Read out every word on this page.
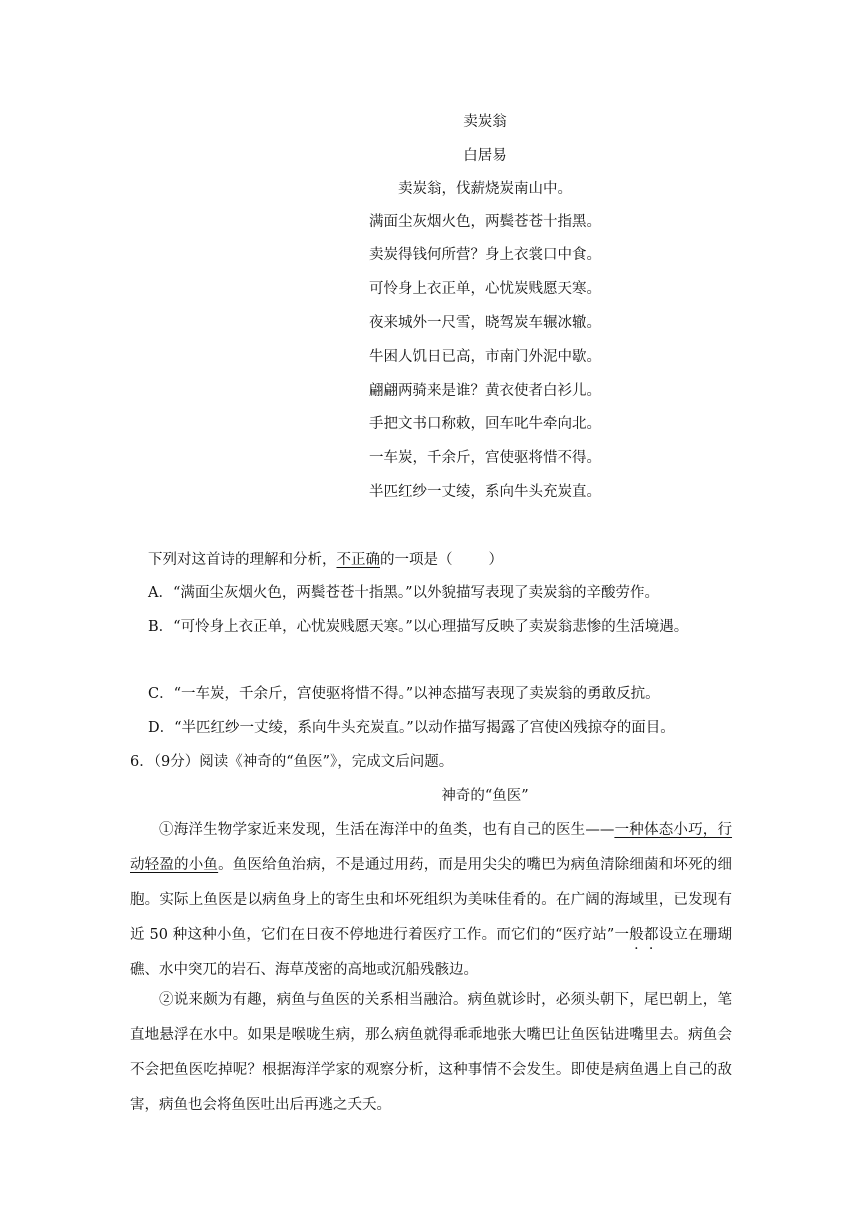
卖炭翁
白居易
卖炭翁，伐薪烧炭南山中。
满面尘灰烟火色，两鬓苍苍十指黑。
卖炭得钱何所营？身上衣裳口中食。
可怜身上衣正单，心忧炭贱愿天寒。
夜来城外一尺雪，晓驾炭车辗冰辙。
牛困人饥日已高，市南门外泥中歇。
翩翩两骑来是谁？黄衣使者白衫儿。
手把文书口称敕，回车叱牛牵向北。
一车炭，千余斤，宫使驱将惜不得。
半匹红纱一丈绫，系向牛头充炭直。
下列对这首诗的理解和分析，不正确的一项是（ ）
A．“满面尘灰烟火色，两鬓苍苍十指黑。”以外貌描写表现了卖炭翁的辛酸劳作。
B．“可怜身上衣正单，心忧炭贱愿天寒。”以心理描写反映了卖炭翁悲惨的生活境遇。
C．“一车炭，千余斤，宫使驱将惜不得。”以神态描写表现了卖炭翁的勇敢反抗。
D．“半匹红纱一丈绫，系向牛头充炭直。”以动作描写揭露了宫使凶残掠夺的面目。
6．（9分）阅读《神奇的“鱼医”》，完成文后问题。
神奇的“鱼医”
①海洋生物学家近来发现，生活在海洋中的鱼类，也有自己的医生——一种体态小巧，行动轻盈的小鱼。鱼医给鱼治病，不是通过用药，而是用尖尖的嘴巴为病鱼清除细菌和坏死的细胞。实际上鱼医是以病鱼身上的寄生虫和坏死组织为美味佳肴的。在广阔的海域里，已发现有近 50 种这种小鱼，它们在日夜不停地进行着医疗工作。而它们的“医疗站”一般都设立在珊瑚礁、水中突兀的岩石、海草茂密的高地或沉船残骸边。
②说来颇为有趣，病鱼与鱼医的关系相当融洽。病鱼就诊时，必须头朝下，尾巴朝上，笔直地悬浮在水中。如果是喉咙生病，那么病鱼就得乖乖地张大嘴巴让鱼医钻进嘴里去。病鱼会不会把鱼医吃掉呢？根据海洋学家的观察分析，这种事情不会发生。即使是病鱼遇上自己的敌害，病鱼也会将鱼医吐出后再逃之夭夭。
